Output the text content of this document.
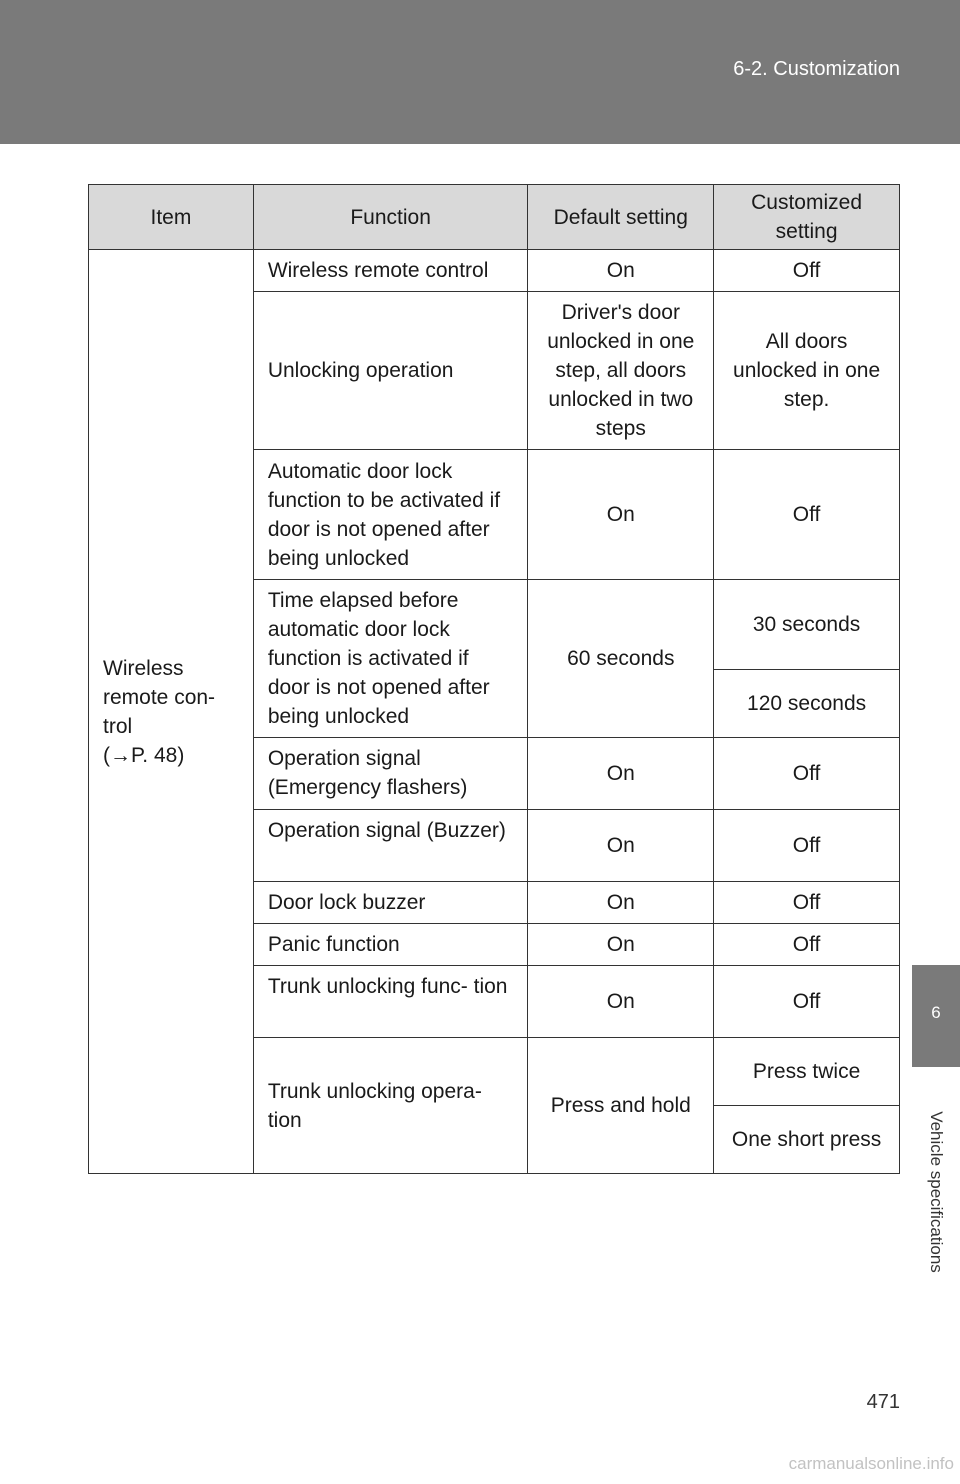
6-2. Customization
6
Vehicle specifications
Item	Function	Default setting	Customized setting
Wireless
remote con-
trol
(→P. 48)	Wireless remote control	On	Off
	Unlocking operation	Driver's door unlocked in one step, all doors unlocked in two steps	All doors unlocked in one step.
	Automatic door lock function to be activated if door is not opened after being unlocked	On	Off
	Time elapsed before automatic door lock function is activated if door is not opened after being unlocked	60 seconds	30 seconds
			120 seconds
	Operation signal (Emergency flashers)	On	Off
	Operation signal (Buzzer)	On	Off
	Door lock buzzer	On	Off
	Panic function	On	Off
	Trunk unlocking func- tion	On	Off
	Trunk unlocking opera- tion	Press and hold	Press twice
			One short press
471
carmanualsonline.info
